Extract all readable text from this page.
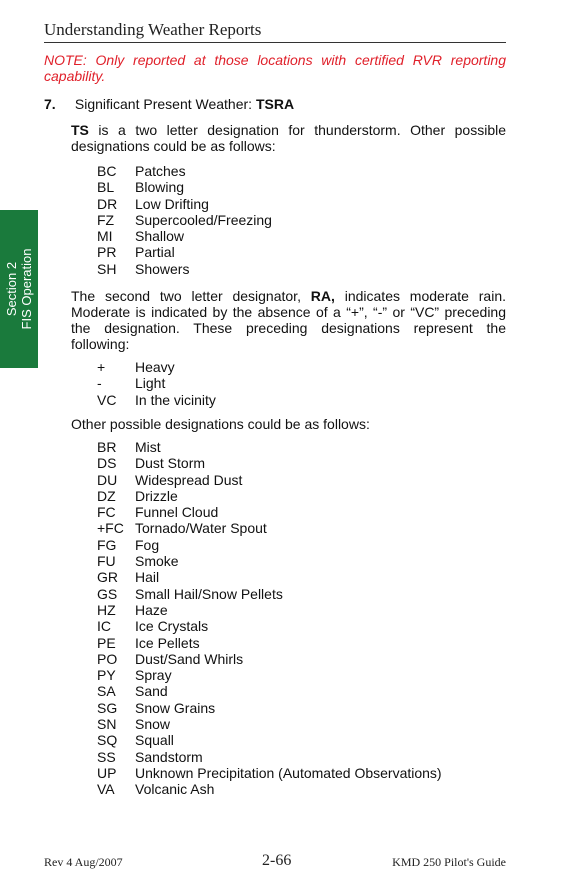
Understanding Weather Reports
NOTE: Only reported at those locations with certified RVR reporting capability.
7. Significant Present Weather: TSRA
TS is a two letter designation for thunderstorm. Other possible designations could be as follows:
BC	Patches
BL	Blowing
DR	Low Drifting
FZ	Supercooled/Freezing
MI	Shallow
PR	Partial
SH	Showers
The second two letter designator, RA, indicates moderate rain. Moderate is indicated by the absence of a “+”, “-” or “VC” preceding the designation. These preceding designations represent the following:
+	Heavy
-	Light
VC	In the vicinity
Other possible designations could be as follows:
BR	Mist
DS	Dust Storm
DU	Widespread Dust
DZ	Drizzle
FC	Funnel Cloud
+FC Tornado/Water Spout
FG	Fog
FU	Smoke
GR	Hail
GS	Small Hail/Snow Pellets
HZ	Haze
IC	Ice Crystals
PE	Ice Pellets
PO	Dust/Sand Whirls
PY	Spray
SA	Sand
SG	Snow Grains
SN	Snow
SQ	Squall
SS	Sandstorm
UP	Unknown Precipitation (Automated Observations)
VA	Volcanic Ash
Section 2 FIS Operation
Rev 4 Aug/2007	2-66	KMD 250 Pilot's Guide
